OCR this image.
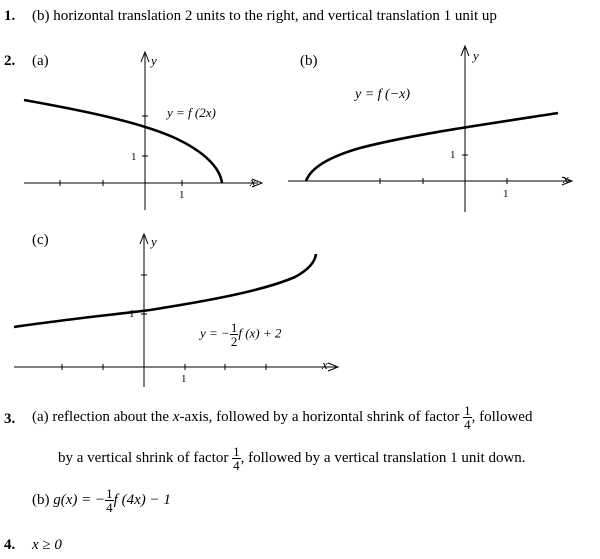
1. (b) horizontal translation 2 units to the right, and vertical translation 1 unit up
2. (a)	(b)
(c)
1
1
x
y
y = f (2x)
1
1
x
y
y = f (−x)
1
1
x
y
y = − $\frac{1}{2}$ f (x) + 2
3. (a) reflection about the x-axis, followed by a horizontal shrink of factor $\frac{1}{4}$ , followed
by a vertical shrink of factor $\frac{1}{4}$ , followed by a vertical translation 1 unit down.
(b) g(x) = − $\frac{1}{4}$ f (4x) − 1
4. x ≥ 0
